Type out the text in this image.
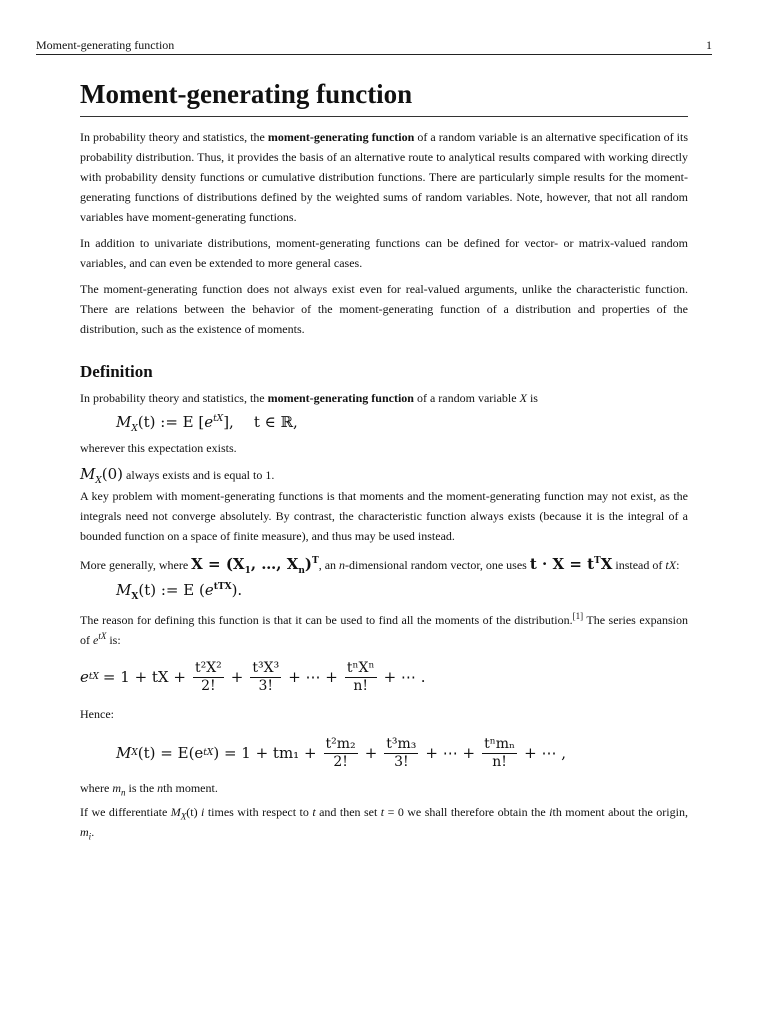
Moment-generating function	1
Moment-generating function

In probability theory and statistics, the moment-generating function of a random variable is an alternative specification of its probability distribution. Thus, it provides the basis of an alternative route to analytical results compared with working directly with probability density functions or cumulative distribution functions. There are particularly simple results for the moment-generating functions of distributions defined by the weighted sums of random variables. Note, however, that not all random variables have moment-generating functions.

In addition to univariate distributions, moment-generating functions can be defined for vector- or matrix-valued random variables, and can even be extended to more general cases.

The moment-generating function does not always exist even for real-valued arguments, unlike the characteristic function. There are relations between the behavior of the moment-generating function of a distribution and properties of the distribution, such as the existence of moments.

Definition

In probability theory and statistics, the moment-generating function of a random variable X is

$M_X(t)$ := E $[e^{tX}]$, t ∈ ℝ,

wherever this expectation exists.

$M_X(0)$ always exists and is equal to 1.

A key problem with moment-generating functions is that moments and the moment-generating function may not exist, as the integrals need not converge absolutely. By contrast, the characteristic function always exists (because it is the integral of a bounded function on a space of finite measure), and thus may be used instead.

More generally, where $X = (X_1$, …, $X_n)^T$, an n-dimensional random vector, one uses $t \cdot X = t^TX$ instead of tX:

$M_X(t)$ := E $(e^{tTX})$.

The reason for defining this function is that it can be used to find all the moments of the distribution.[1] The series expansion of $e^{tX}$ is:

e tX = 1 + tX + $\frac{\text{t²X²}}{2!} + \frac{\text{t³X³}}{3!}$ + ⋯ + $\frac{\text{tⁿXⁿ}}{n!}$ + ⋯ .

Hence:

M X (t) = E(e tX ) = $1 + tm_1 + \frac{\text{t²m₂}}{2!} + \frac{\text{t³m₃}}{3!}$ + ⋯ + $\frac{\text{tⁿmₙ}}{n!}$ + ⋯ ,

where $m_n$ is the nth moment.

If we differentiate $M_X(t)$ i times with respect to t and then set t = 0 we shall therefore obtain the ith moment about the origin, $m_i$.
